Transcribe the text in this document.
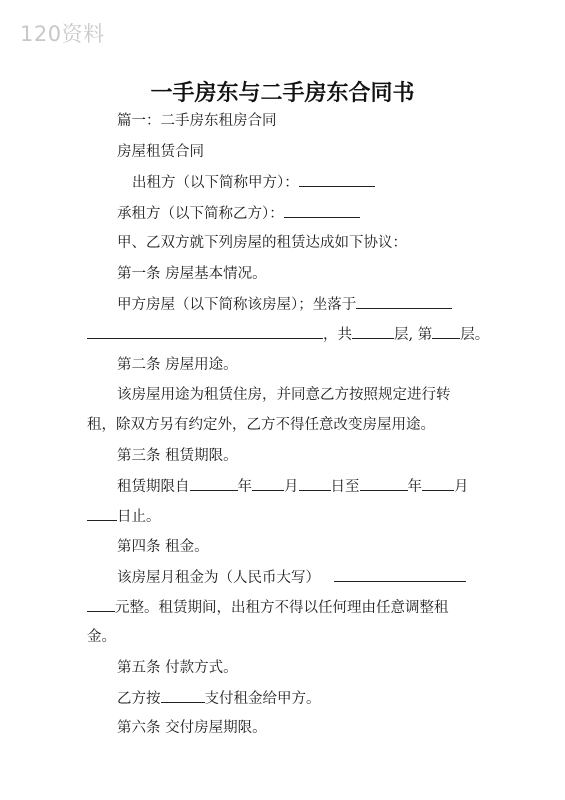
120资料
一手房东与二手房东合同书
篇一：二手房东租房合同
房屋租赁合同
出租方（以下简称甲方）：
承租方（以下简称乙方）：
甲、乙双方就下列房屋的租赁达成如下协议：
第一条 房屋基本情况。
甲方房屋（以下简称该房屋）；坐落于
，共	层, 第 层。
第二条 房屋用途。
该房屋用途为租赁住房，并同意乙方按照规定进行转
租，除双方另有约定外，乙方不得任意改变房屋用途。
第三条 租赁期限。
租赁期限自	年 月 日至	年 月
日止。
第四条 租金。
该房屋月租金为（人民币大写）
元整。租赁期间，出租方不得以任何理由任意调整租
金。
第五条 付款方式。
乙方按	支付租金给甲方。
第六条 交付房屋期限。
